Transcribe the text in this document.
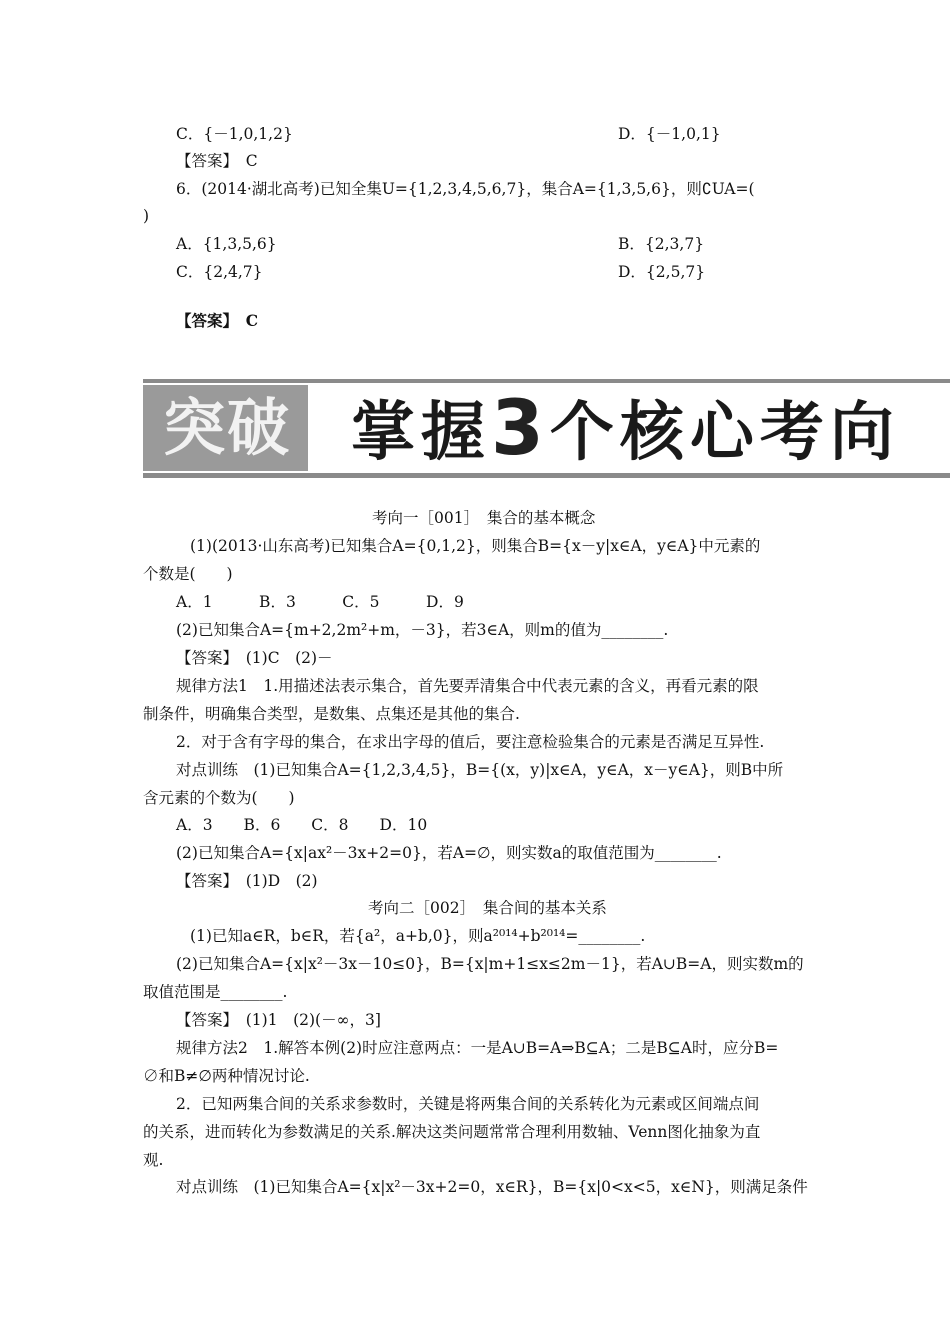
C．{－1,0,1,2}	D．{－1,0,1}
【答案】　C
6．(2014·湖北高考)已知全集U={1,2,3,4,5,6,7}，集合A={1,3,5,6}，则∁UA=(
)
A．{1,3,5,6}	B．{2,3,7}
C．{2,4,7}	D．{2,5,7}
【答案】　C
考向一［001］　集合的基本概念
(1)(2013·山东高考)已知集合A={0,1,2}，则集合B={x－y|x∈A，y∈A}中元素的
个数是(　　)
A．1　　　B．3　　　C．5　　　D．9
(2)已知集合A={m+2,2m²+m，－3}，若3∈A，则m的值为________.
【答案】　(1)C　(2)－
规律方法1　1.用描述法表示集合，首先要弄清集合中代表元素的含义，再看元素的限
制条件，明确集合类型，是数集、点集还是其他的集合.
2．对于含有字母的集合，在求出字母的值后，要注意检验集合的元素是否满足互异性.
对点训练　(1)已知集合A={1,2,3,4,5}，B={(x，y)|x∈A，y∈A，x－y∈A}，则B中所
含元素的个数为(　　)
A．3　　B．6　　C．8　　D．10
(2)已知集合A={x|ax²－3x+2=0}，若A=∅，则实数a的取值范围为________.
【答案】　(1)D　(2)
考向二［002］　集合间的基本关系
(1)已知a∈R，b∈R，若{a²，a+b,0}，则a²⁰¹⁴+b²⁰¹⁴=________.
(2)已知集合A={x|x²－3x－10≤0}，B={x|m+1≤x≤2m－1}，若A∪B=A，则实数m的
取值范围是________.
【答案】　(1)1　(2)(－∞，3]
规律方法2　1.解答本例(2)时应注意两点：一是A∪B=A⇒B⊆A；二是B⊆A时，应分B=
∅和B≠∅两种情况讨论.
2．已知两集合间的关系求参数时，关键是将两集合间的关系转化为元素或区间端点间
的关系，进而转化为参数满足的关系.解决这类问题常常合理利用数轴、Venn图化抽象为直
观.
对点训练　(1)已知集合A={x|x²－3x+2=0，x∈R}，B={x|0<x<5，x∈N}，则满足条件
突破 掌握3个核心考向
